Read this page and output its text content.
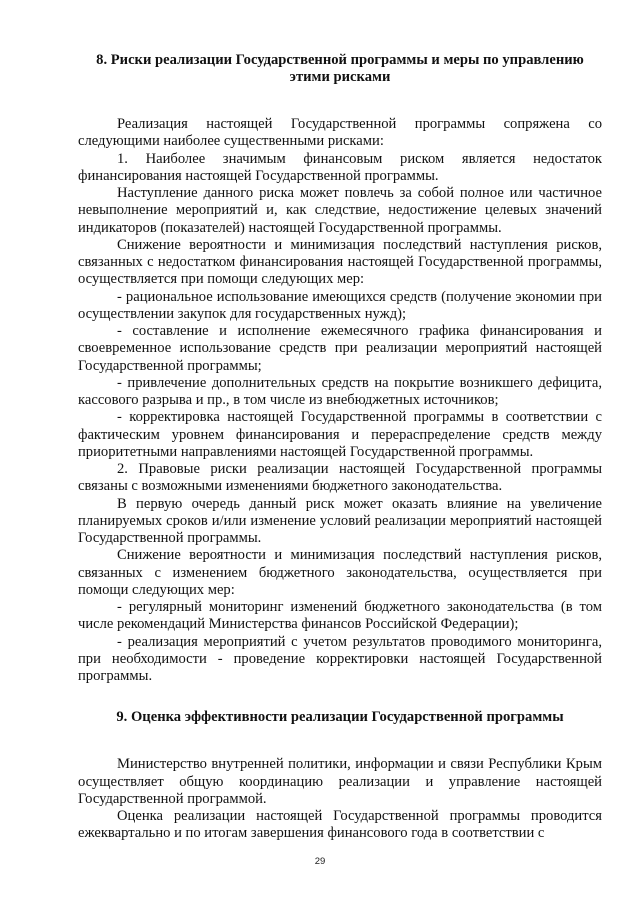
8. Риски реализации Государственной программы и меры по управлению этими рисками

Реализация настоящей Государственной программы сопряжена со следующими наиболее существенными рисками:

1. Наиболее значимым финансовым риском является недостаток финансирования настоящей Государственной программы.

Наступление данного риска может повлечь за собой полное или частичное невыполнение мероприятий и, как следствие, недостижение целевых значений индикаторов (показателей) настоящей Государственной программы.

Снижение вероятности и минимизация последствий наступления рисков, связанных с недостатком финансирования настоящей Государственной программы, осуществляется при помощи следующих мер:

- рациональное использование имеющихся средств (получение экономии при осуществлении закупок для государственных нужд);

- составление и исполнение ежемесячного графика финансирования и своевременное использование средств при реализации мероприятий настоящей Государственной программы;

- привлечение дополнительных средств на покрытие возникшего дефицита, кассового разрыва и пр., в том числе из внебюджетных источников;

- корректировка настоящей Государственной программы в соответствии с фактическим уровнем финансирования и перераспределение средств между приоритетными направлениями настоящей Государственной программы.

2. Правовые риски реализации настоящей Государственной программы связаны с возможными изменениями бюджетного законодательства.

В первую очередь данный риск может оказать влияние на увеличение планируемых сроков и/или изменение условий реализации мероприятий настоящей Государственной программы.

Снижение вероятности и минимизация последствий наступления рисков, связанных с изменением бюджетного законодательства, осуществляется при помощи следующих мер:

- регулярный мониторинг изменений бюджетного законодательства (в том числе рекомендаций Министерства финансов Российской Федерации);

- реализация мероприятий с учетом результатов проводимого мониторинга, при необходимости - проведение корректировки настоящей Государственной программы.

9. Оценка эффективности реализации Государственной программы

Министерство внутренней политики, информации и связи Республики Крым осуществляет общую координацию реализации и управление настоящей Государственной программой.

Оценка реализации настоящей Государственной программы проводится ежеквартально и по итогам завершения финансового года в соответствии с

29
